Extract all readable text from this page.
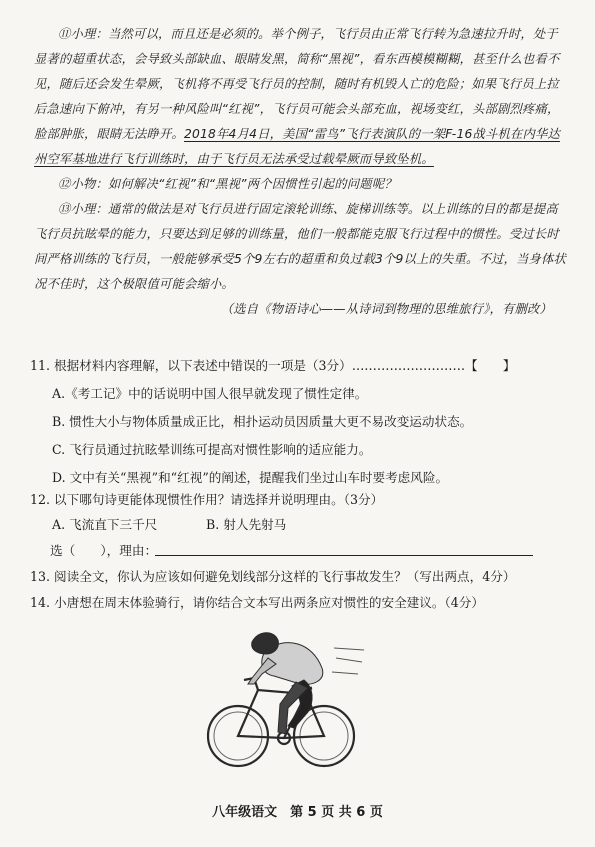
⑪小理：当然可以，而且还是必须的。举个例子，飞行员由正常飞行转为急速拉升时，处于显著的超重状态，会导致头部缺血、眼睛发黑，简称“黑视”，看东西模模糊糊，甚至什么也看不见，随后还会发生晕厥，飞机将不再受飞行员的控制，随时有机毁人亡的危险；如果飞行员上拉后急速向下俯冲，有另一种风险叫“红视”，飞行员可能会头部充血，视场变红，头部剧烈疼痛，脸部肿胀，眼睛无法睁开。2018年4月4日，美国“雷鸟”飞行表演队的一架F-16战斗机在内华达州空军基地进行飞行训练时，由于飞行员无法承受过载晕厥而导致坠机。

⑫小物：如何解决“红视”和“黑视”两个因惯性引起的问题呢？

⑬小理：通常的做法是对飞行员进行固定滚轮训练、旋梯训练等。以上训练的目的都是提高飞行员抗眩晕的能力，只要达到足够的训练量，他们一般都能克服飞行过程中的惯性。受过长时间严格训练的飞行员，一般能够承受5个9左右的超重和负过载3个9以上的失重。不过，当身体状况不佳时，这个极限值可能会缩小。

（选自《物语诗心——从诗词到物理的思维旅行》，有删改）

11. 根据材料内容理解，以下表述中错误的一项是（3分）………………………【　　】
A.《考工记》中的话说明中国人很早就发现了惯性定律。
B. 惯性大小与物体质量成正比，相扑运动员因质量大更不易改变运动状态。
C. 飞行员通过抗眩晕训练可提高对惯性影响的适应能力。
D. 文中有关“黑视”和“红视”的阐述，提醒我们坐过山车时要考虑风险。
12. 以下哪句诗更能体现惯性作用？请选择并说明理由。（3分）
A. 飞流直下三千尺	B. 射人先射马
选（　　），理由：
13. 阅读全文，你认为应该如何避免划线部分这样的飞行事故发生？（写出两点，4分）
14. 小唐想在周末体验骑行，请你结合文本写出两条应对惯性的安全建议。（4分）
八年级语文　第 5 页 共 6 页
